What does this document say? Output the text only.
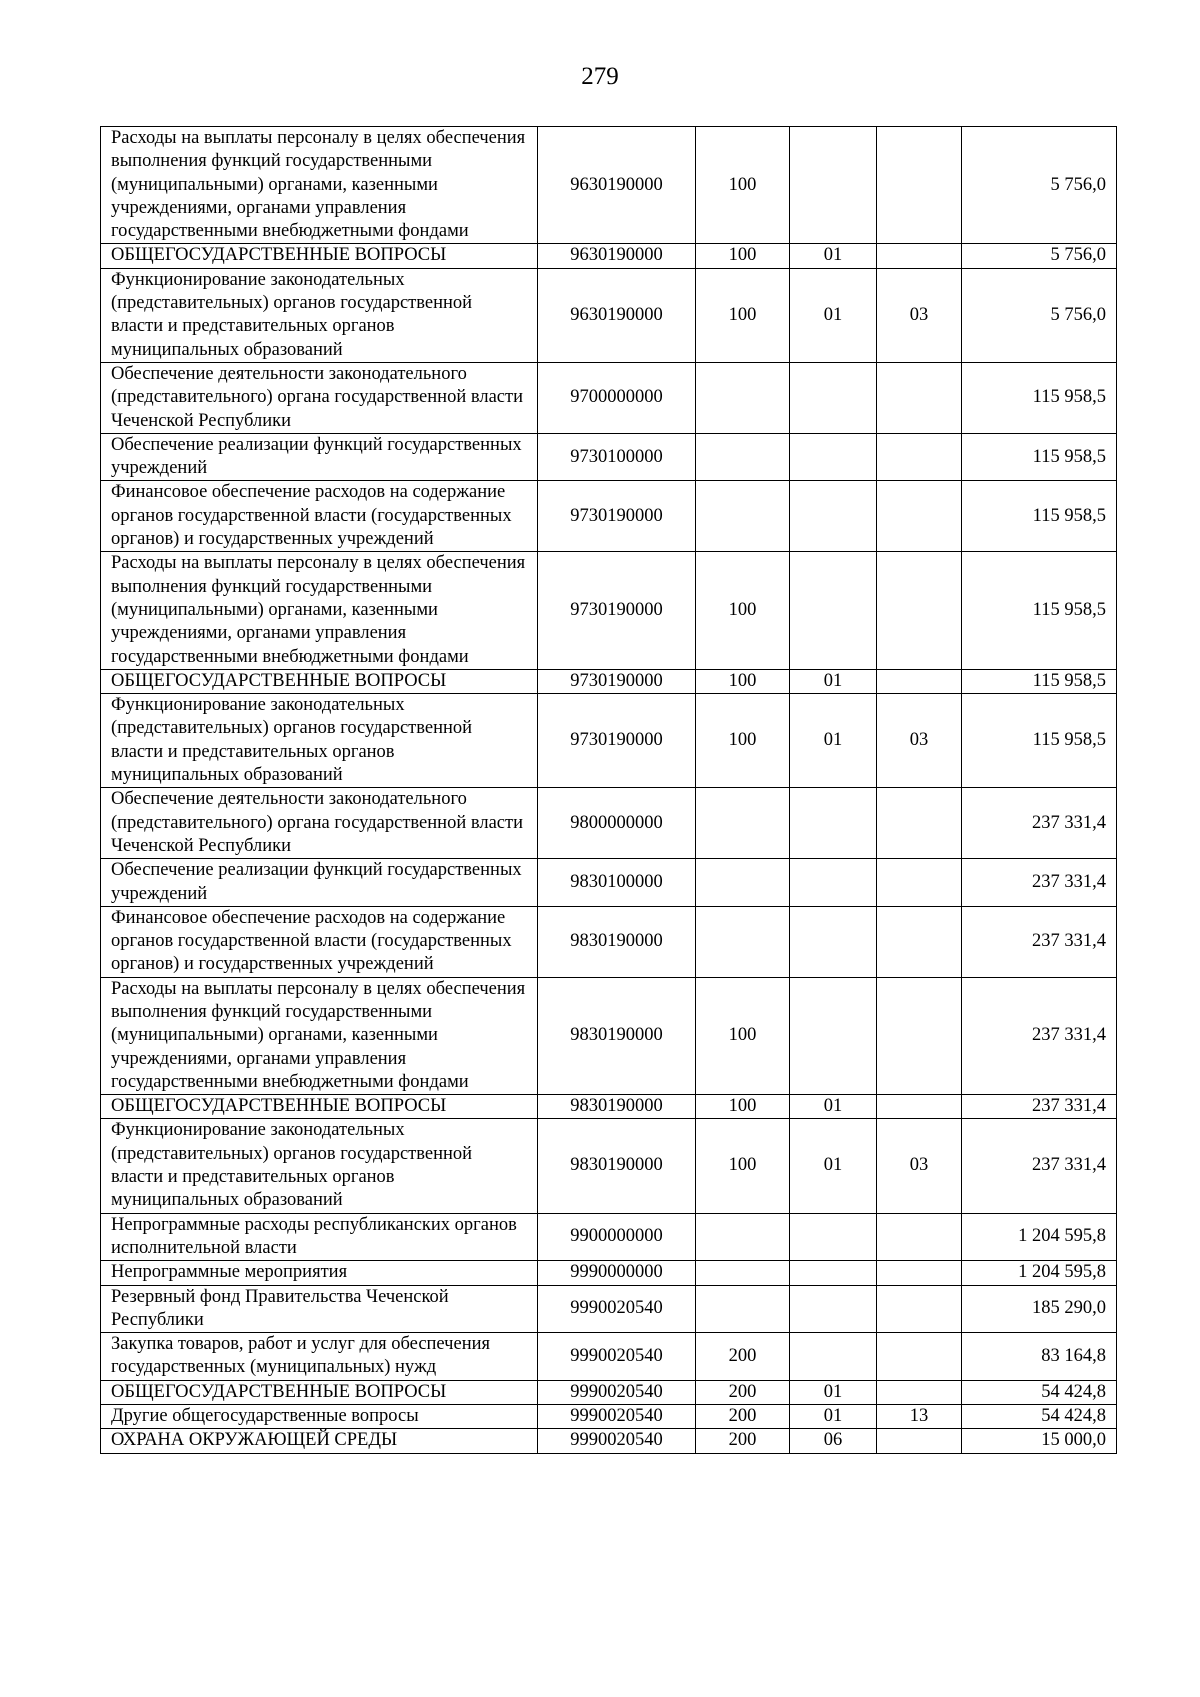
279
Расходы на выплаты персоналу в целях обеспечения выполнения функций государственными (муниципальными) органами, казенными учреждениями, органами управления государственными внебюджетными фондами	9630190000	100			5 756,0
ОБЩЕГОСУДАРСТВЕННЫЕ ВОПРОСЫ	9630190000	100	01		5 756,0
Функционирование законодательных (представительных) органов государственной власти и представительных органов муниципальных образований	9630190000	100	01	03	5 756,0
Обеспечение деятельности законодательного (представительного) органа государственной власти Чеченской Республики	9700000000				115 958,5
Обеспечение реализации функций государственных учреждений	9730100000				115 958,5
Финансовое обеспечение расходов на содержание органов государственной власти (государственных органов) и государственных учреждений	9730190000				115 958,5
Расходы на выплаты персоналу в целях обеспечения выполнения функций государственными (муниципальными) органами, казенными учреждениями, органами управления государственными внебюджетными фондами	9730190000	100			115 958,5
ОБЩЕГОСУДАРСТВЕННЫЕ ВОПРОСЫ	9730190000	100	01		115 958,5
Функционирование законодательных (представительных) органов государственной власти и представительных органов муниципальных образований	9730190000	100	01	03	115 958,5
Обеспечение деятельности законодательного (представительного) органа государственной власти Чеченской Республики	9800000000				237 331,4
Обеспечение реализации функций государственных учреждений	9830100000				237 331,4
Финансовое обеспечение расходов на содержание органов государственной власти (государственных органов) и государственных учреждений	9830190000				237 331,4
Расходы на выплаты персоналу в целях обеспечения выполнения функций государственными (муниципальными) органами, казенными учреждениями, органами управления государственными внебюджетными фондами	9830190000	100			237 331,4
ОБЩЕГОСУДАРСТВЕННЫЕ ВОПРОСЫ	9830190000	100	01		237 331,4
Функционирование законодательных (представительных) органов государственной власти и представительных органов муниципальных образований	9830190000	100	01	03	237 331,4
Непрограммные расходы республиканских органов исполнительной власти	9900000000				1 204 595,8
Непрограммные мероприятия	9990000000				1 204 595,8
Резервный фонд Правительства Чеченской Республики	9990020540				185 290,0
Закупка товаров, работ и услуг для обеспечения государственных (муниципальных) нужд	9990020540	200			83 164,8
ОБЩЕГОСУДАРСТВЕННЫЕ ВОПРОСЫ	9990020540	200	01		54 424,8
Другие общегосударственные вопросы	9990020540	200	01	13	54 424,8
ОХРАНА ОКРУЖАЮЩЕЙ СРЕДЫ	9990020540	200	06		15 000,0
